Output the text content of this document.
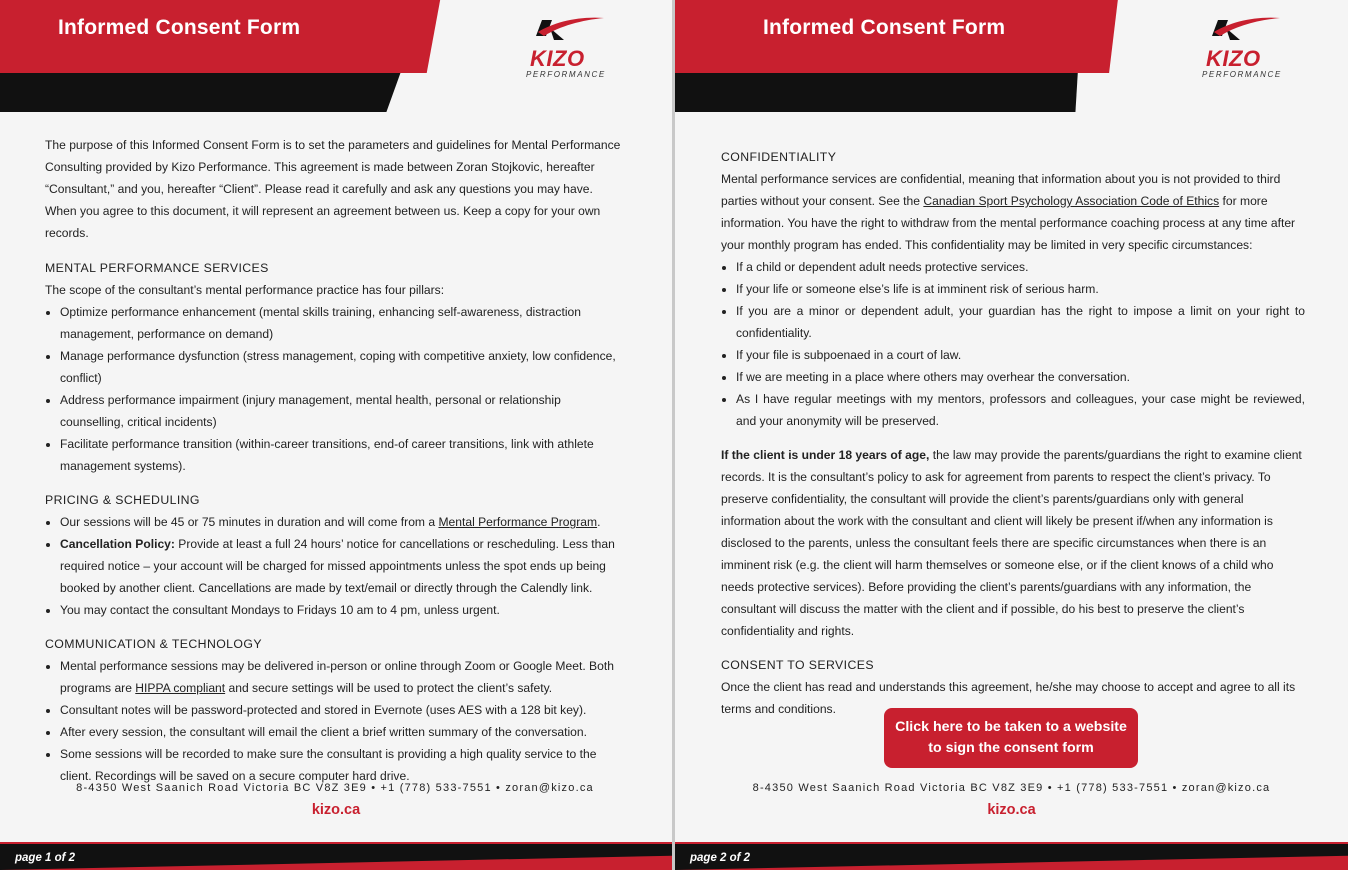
Informed Consent Form
KIZO
PERFORMANCE

The purpose of this Informed Consent Form is to set the parameters and guidelines for Mental Performance Consulting provided by Kizo Performance. This agreement is made between Zoran Stojkovic, hereafter “Consultant,” and you, hereafter “Client”. Please read it carefully and ask any questions you may have. When you agree to this document, it will represent an agreement between us. Keep a copy for your own records.

MENTAL PERFORMANCE SERVICES

The scope of the consultant’s mental performance practice has four pillars:

• Optimize performance enhancement (mental skills training, enhancing self-awareness, distraction management, performance on demand)
• Manage performance dysfunction (stress management, coping with competitive anxiety, low confidence, conflict)
• Address performance impairment (injury management, mental health, personal or relationship counselling, critical incidents)
• Facilitate performance transition (within-career transitions, end-of career transitions, link with athlete management systems).
PRICING & SCHEDULING
• Our sessions will be 45 or 75 minutes in duration and will come from a Mental Performance Program.
• Cancellation Policy: Provide at least a full 24 hours’ notice for cancellations or rescheduling. Less than required notice – your account will be charged for missed appointments unless the spot ends up being booked by another client. Cancellations are made by text/email or directly through the Calendly link.
• You may contact the consultant Mondays to Fridays 10 am to 4 pm, unless urgent.
COMMUNICATION & TECHNOLOGY
• Mental performance sessions may be delivered in-person or online through Zoom or Google Meet. Both programs are HIPPA compliant and secure settings will be used to protect the client’s safety.
• Consultant notes will be password-protected and stored in Evernote (uses AES with a 128 bit key).
• After every session, the consultant will email the client a brief written summary of the conversation.
• Some sessions will be recorded to make sure the consultant is providing a high quality service to the client. Recordings will be saved on a secure computer hard drive.
8-4350 West Saanich Road Victoria BC V8Z 3E9 • +1 (778) 533-7551 • zoran@kizo.ca
kizo.ca
page 1 of 2
Informed Consent Form
KIZO
PERFORMANCE
CONFIDENTIALITY

Mental performance services are confidential, meaning that information about you is not provided to third parties without your consent. See the Canadian Sport Psychology Association Code of Ethics for more information. You have the right to withdraw from the mental performance coaching process at any time after your monthly program has ended. This confidentiality may be limited in very specific circumstances:

• If a child or dependent adult needs protective services.
• If your life or someone else’s life is at imminent risk of serious harm.
• If you are a minor or dependent adult, your guardian has the right to impose a limit on your right to confidentiality.
• If your file is subpoenaed in a court of law.
• If we are meeting in a place where others may overhear the conversation.
• As I have regular meetings with my mentors, professors and colleagues, your case might be reviewed, and your anonymity will be preserved.

If the client is under 18 years of age, the law may provide the parents/guardians the right to examine client records. It is the consultant’s policy to ask for agreement from parents to respect the client’s privacy. To preserve confidentiality, the consultant will provide the client’s parents/guardians only with general information about the work with the consultant and client will likely be present if/when any information is disclosed to the parents, unless the consultant feels there are specific circumstances when there is an imminent risk (e.g. the client will harm themselves or someone else, or if the client knows of a child who needs protective services). Before providing the client’s parents/guardians with any information, the consultant will discuss the matter with the client and if possible, do his best to preserve the client’s confidentiality and rights.

CONSENT TO SERVICES

Once the client has read and understands this agreement, he/she may choose to accept and agree to all its terms and conditions.

Click here to be taken to a website
to sign the consent form
8-4350 West Saanich Road Victoria BC V8Z 3E9 • +1 (778) 533-7551 • zoran@kizo.ca
kizo.ca
page 2 of 2
